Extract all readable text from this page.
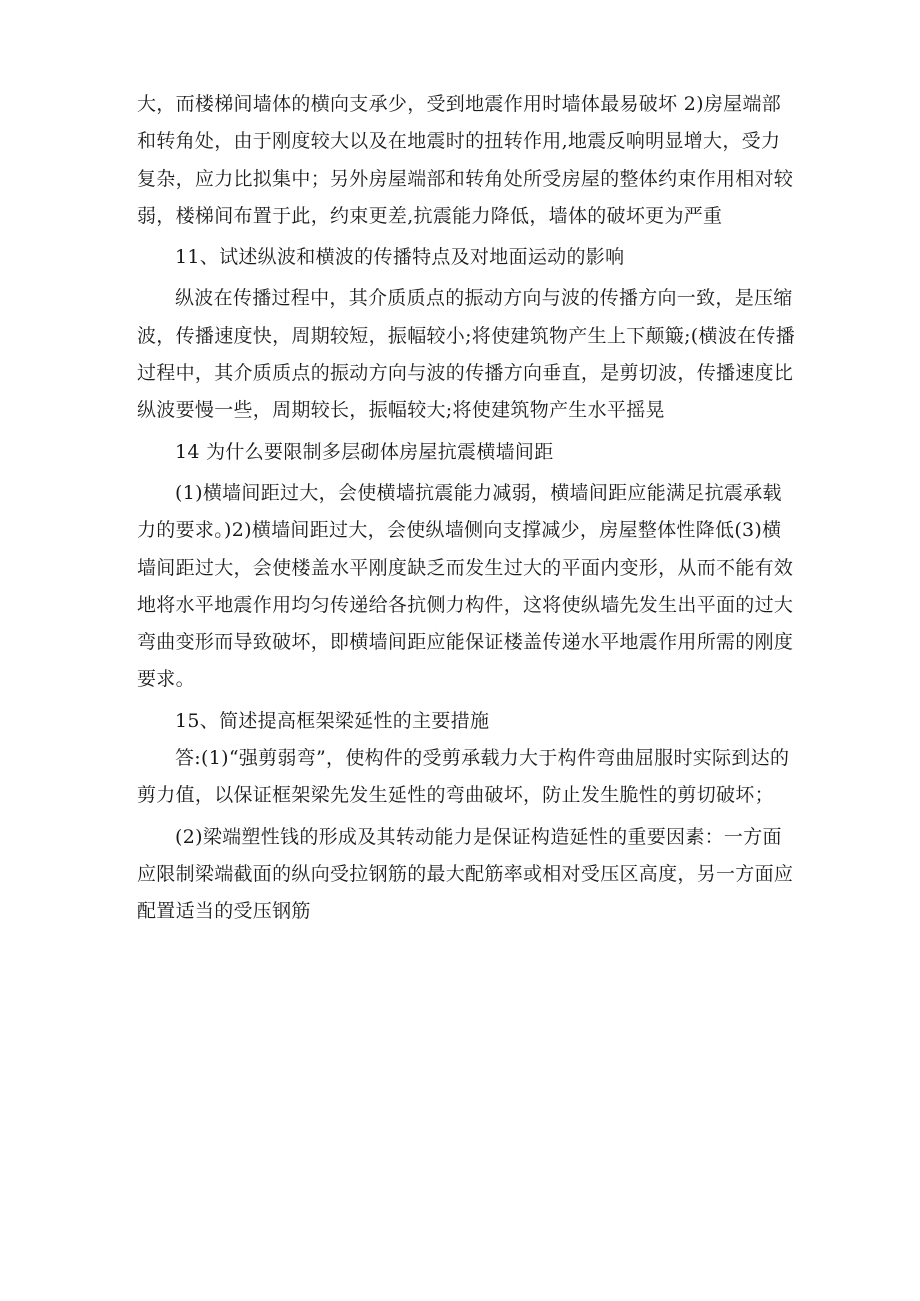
大，而楼梯间墙体的横向支承少，受到地震作用时墙体最易破坏 2)房屋端部和转角处，由于刚度较大以及在地震时的扭转作用,地震反响明显增大，受力复杂，应力比拟集中；另外房屋端部和转角处所受房屋的整体约束作用相对较弱，楼梯间布置于此，约束更差,抗震能力降低，墙体的破坏更为严重

11、试述纵波和横波的传播特点及对地面运动的影响

纵波在传播过程中，其介质质点的振动方向与波的传播方向一致，是压缩波，传播速度快，周期较短，振幅较小;将使建筑物产生上下颠簸;(横波在传播过程中，其介质质点的振动方向与波的传播方向垂直，是剪切波，传播速度比纵波要慢一些，周期较长，振幅较大;将使建筑物产生水平摇晃

14 为什么要限制多层砌体房屋抗震横墙间距

(1)横墙间距过大，会使横墙抗震能力减弱，横墙间距应能满足抗震承载力的要求。)2)横墙间距过大，会使纵墙侧向支撑减少，房屋整体性降低(3)横墙间距过大，会使楼盖水平刚度缺乏而发生过大的平面内变形，从而不能有效地将水平地震作用均匀传递给各抗侧力构件，这将使纵墙先发生出平面的过大弯曲变形而导致破坏，即横墙间距应能保证楼盖传递水平地震作用所需的刚度要求。

15、简述提高框架梁延性的主要措施

答:(1)“强剪弱弯”，使构件的受剪承载力大于构件弯曲屈服时实际到达的剪力值，以保证框架梁先发生延性的弯曲破坏，防止发生脆性的剪切破坏；

(2)梁端塑性钱的形成及其转动能力是保证构造延性的重要因素：一方面应限制梁端截面的纵向受拉钢筋的最大配筋率或相对受压区高度，另一方面应配置适当的受压钢筋
